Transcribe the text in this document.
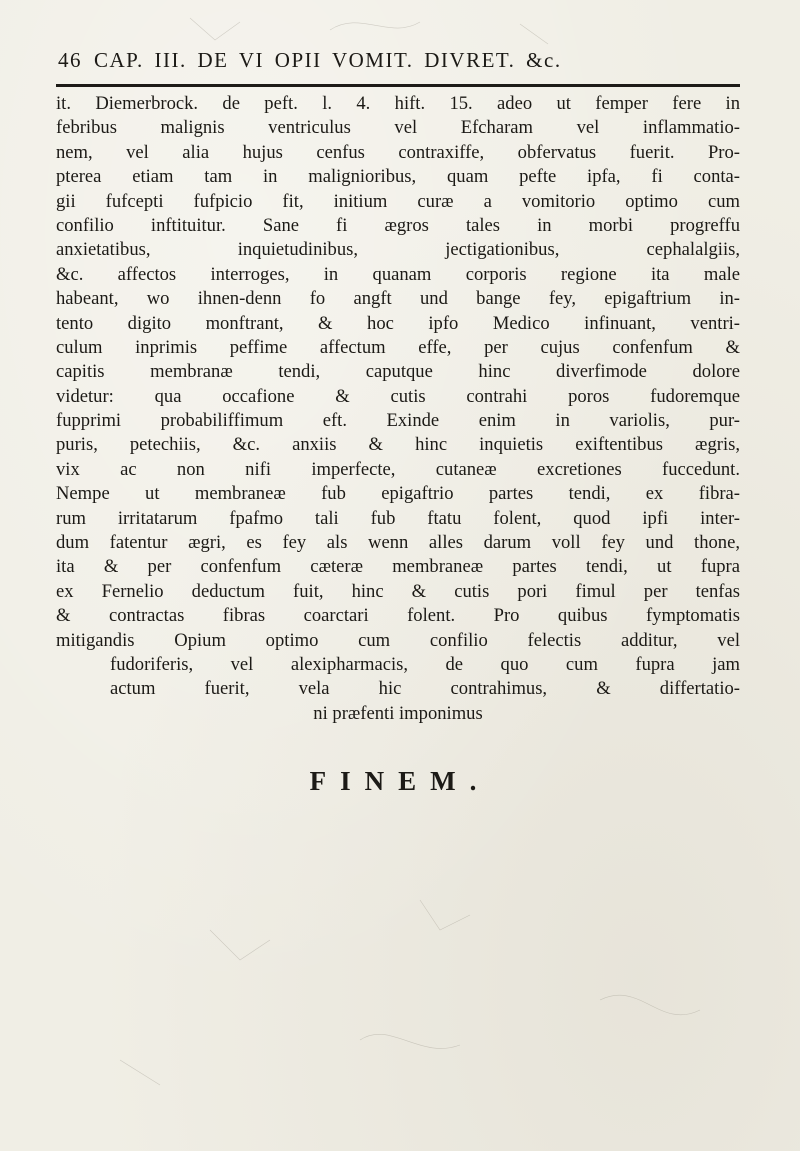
46 CAP. III. DE VI OPII VOMIT. DIVRET. &c.
it. Diemerbrock. de peft. l. 4. hift. 15. adeo ut femper fere in
febribus malignis ventriculus vel Efcharam vel inflammatio-
nem, vel alia hujus cenfus contraxiffe, obfervatus fuerit. Pro-
pterea etiam tam in malignioribus, quam pefte ipfa, fi conta-
gii fufcepti fufpicio fit, initium curæ a vomitorio optimo cum
confilio inftituitur. Sane fi ægros tales in morbi progreffu
anxietatibus, inquietudinibus, jectigationibus, cephalalgiis,
&c. affectos interroges, in quanam corporis regione ita male
habeant, wo ihnen-denn fo angft und bange fey, epigaftrium in-
tento digito monftrant, & hoc ipfo Medico infinuant, ventri-
culum inprimis peffime affectum effe, per cujus confenfum &
capitis membranæ tendi, caputque hinc diverfimode dolore
videtur: qua occafione & cutis contrahi poros fudoremque
fupprimi probabiliffimum eft. Exinde enim in variolis, pur-
puris, petechiis, &c. anxiis & hinc inquietis exiftentibus ægris,
vix ac non nifi imperfecte, cutaneæ excretiones fuccedunt.
Nempe ut membraneæ fub epigaftrio partes tendi, ex fibra-
rum irritatarum fpafmo tali fub ftatu folent, quod ipfi inter-
dum fatentur ægri, es fey als wenn alles darum voll fey und thone,
ita & per confenfum cæteræ membraneæ partes tendi, ut fupra
ex Fernelio deductum fuit, hinc & cutis pori fimul per tenfas
& contractas fibras coarctari folent. Pro quibus fymptomatis
mitigandis Opium optimo cum confilio felectis additur, vel
fudoriferis, vel alexipharmacis, de quo cum fupra jam
actum fuerit, vela hic contrahimus, & differtatio-
ni præfenti imponimus
FINEM.
